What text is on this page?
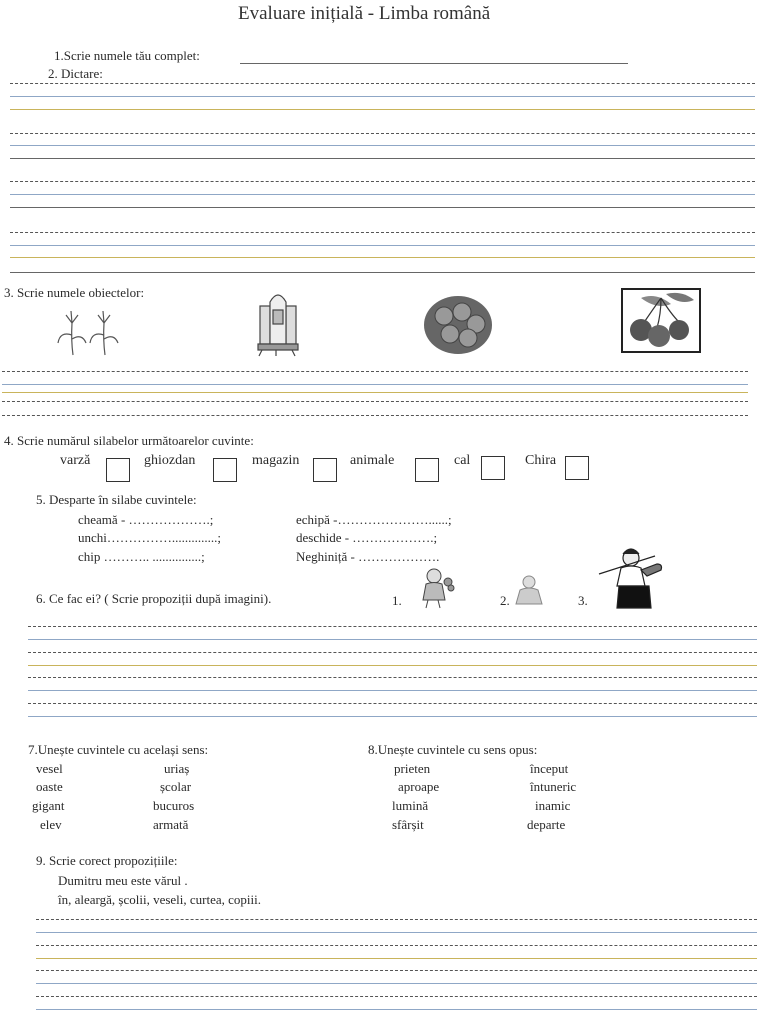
Evaluare inițială - Limba română
1.Scrie numele tău complet:
2. Dictare:
3. Scrie numele obiectelor:
4. Scrie numărul silabelor următoarelor cuvinte:
varză	ghiozdan	magazin	animale	cal	Chira
5. Desparte în silabe cuvintele:
cheamă - ……………….;	echipă -…………………......;
unchi……………..............;	deschide - ……………….;
chip ……….. ...............;	Neghiniță - ……………….
6. Ce fac ei? ( Scrie propoziții după imagini).	1.	2.	3.
7.Unește cuvintele cu același sens:
vesel
oaste
gigant
elev
uriaș
școlar
bucuros
armată
8.Unește cuvintele cu sens opus:
prieten
aproape
lumină
sfârșit
început
întuneric
inamic
departe
9. Scrie corect propozițiile:
Dumitru meu este vărul .
în, aleargă, școlii, veseli, curtea, copiii.
